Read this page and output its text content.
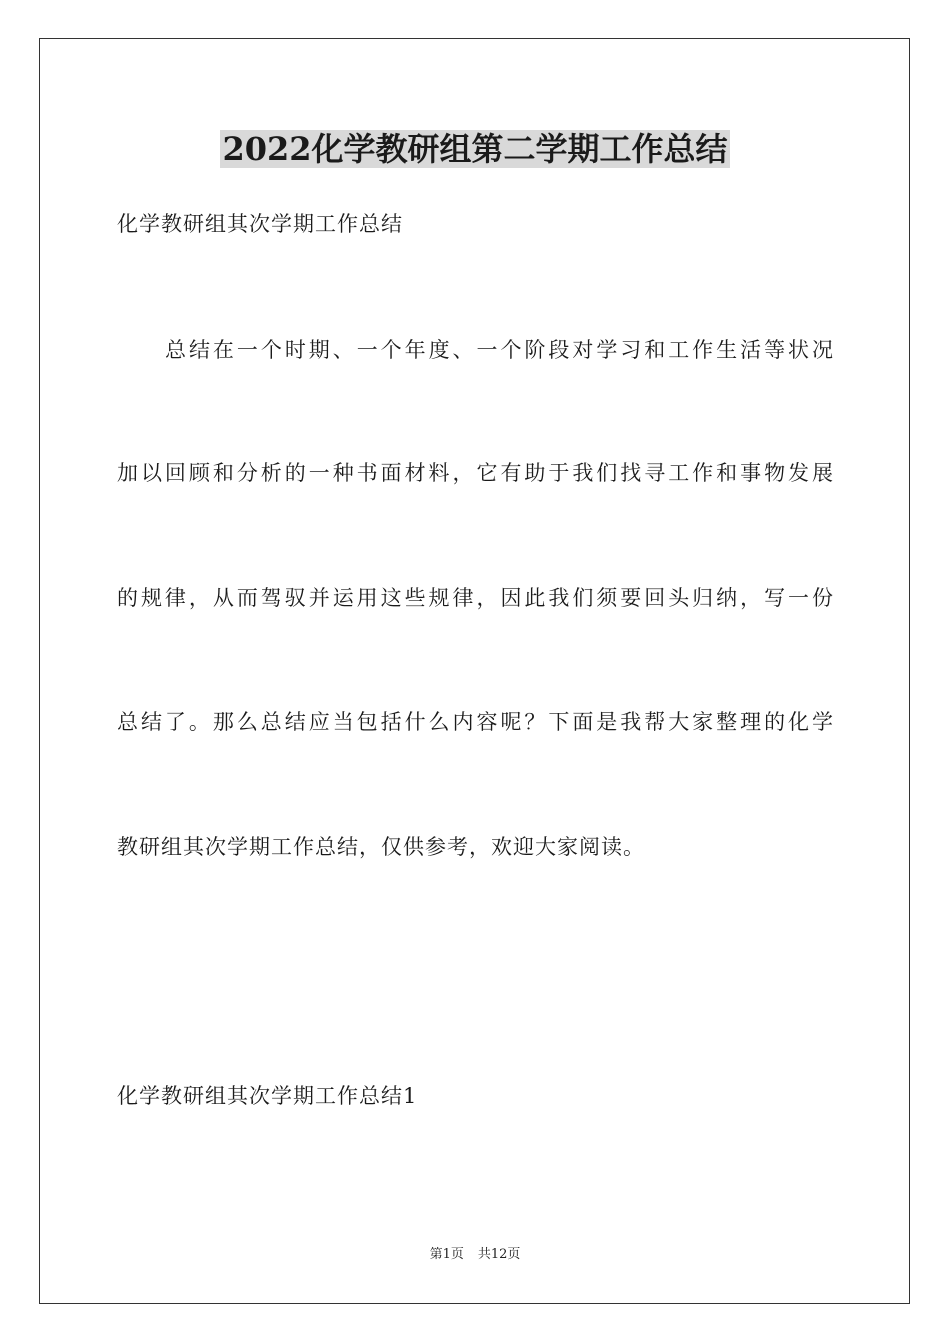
2022化学教研组第二学期工作总结
化学教研组其次学期工作总结
总结在一个时期、一个年度、一个阶段对学习和工作生活等状况
加以回顾和分析的一种书面材料，它有助于我们找寻工作和事物发展
的规律，从而驾驭并运用这些规律，因此我们须要回头归纳，写一份
总结了。那么总结应当包括什么内容呢？下面是我帮大家整理的化学
教研组其次学期工作总结，仅供参考，欢迎大家阅读。
化学教研组其次学期工作总结1
第1页 共12页
